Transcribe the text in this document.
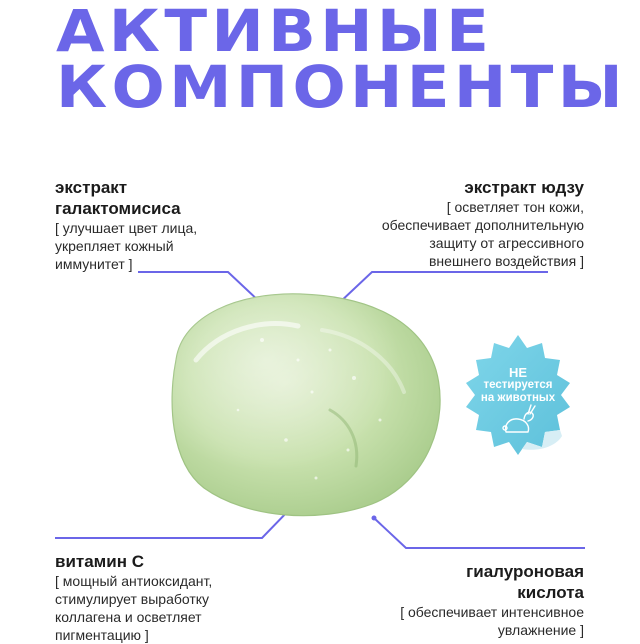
АКТИВНЫЕ
КОМПОНЕНТЫ
НЕ
тестируется
на животных
экстракт
галактомисиса
[ улучшает цвет лица,
укрепляет кожный
иммунитет ]
экстракт юдзу
[ осветляет тон кожи,
обеспечивает дополнительную
защиту от агрессивного
внешнего воздействия ]
витамин С
[ мощный антиоксидант,
стимулирует выработку
коллагена и осветляет
пигментацию ]
гиалуроновая
кислота
[ обеспечивает интенсивное
увлажнение ]
